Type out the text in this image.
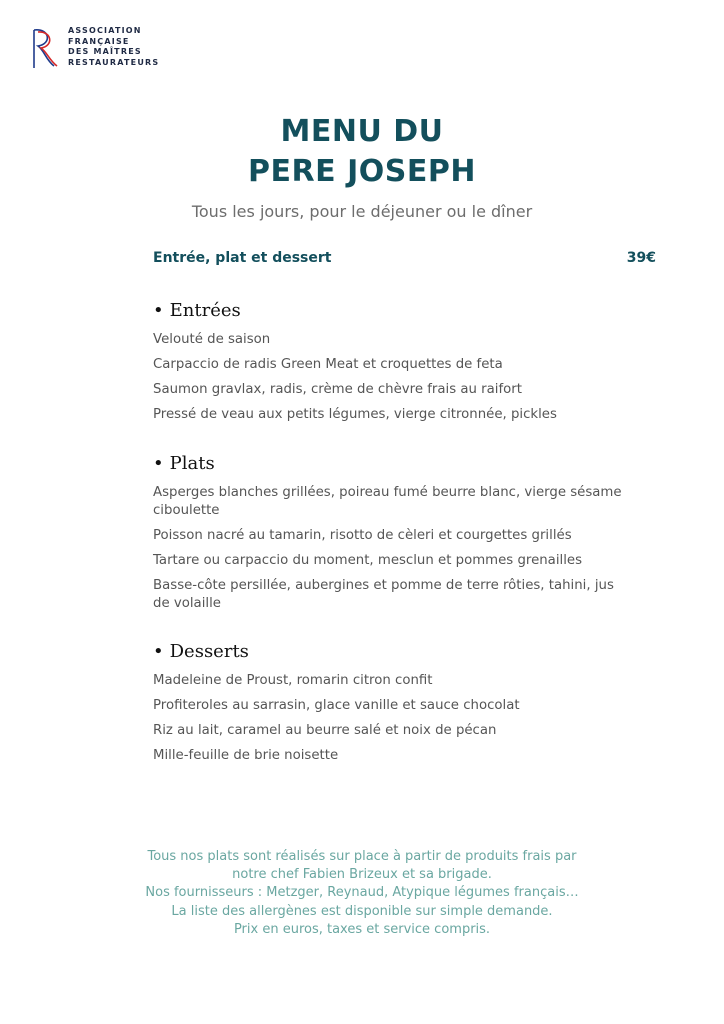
ASSOCIATION
FRANÇAISE
DES MAÎTRES
RESTAURATEURS
MENU DU
PERE JOSEPH
Tous les jours, pour le déjeuner ou le dîner
Entrée, plat et dessert	39€
• Entrées
Velouté de saison
Carpaccio de radis Green Meat et croquettes de feta
Saumon gravlax, radis, crème de chèvre frais au raifort
Pressé de veau aux petits légumes, vierge citronnée, pickles
• Plats
Asperges blanches grillées, poireau fumé beurre blanc, vierge sésame ciboulette
Poisson nacré au tamarin, risotto de cèleri et courgettes grillés
Tartare ou carpaccio du moment, mesclun et pommes grenailles
Basse-côte persillée, aubergines et pomme de terre rôties, tahini, jus de volaille
• Desserts
Madeleine de Proust, romarin citron confit
Profiteroles au sarrasin, glace vanille et sauce chocolat
Riz au lait, caramel au beurre salé et noix de pécan
Mille-feuille de brie noisette
Tous nos plats sont réalisés sur place à partir de produits frais par
notre chef Fabien Brizeux et sa brigade.
Nos fournisseurs : Metzger, Reynaud, Atypique légumes français…
La liste des allergènes est disponible sur simple demande.
Prix en euros, taxes et service compris.
